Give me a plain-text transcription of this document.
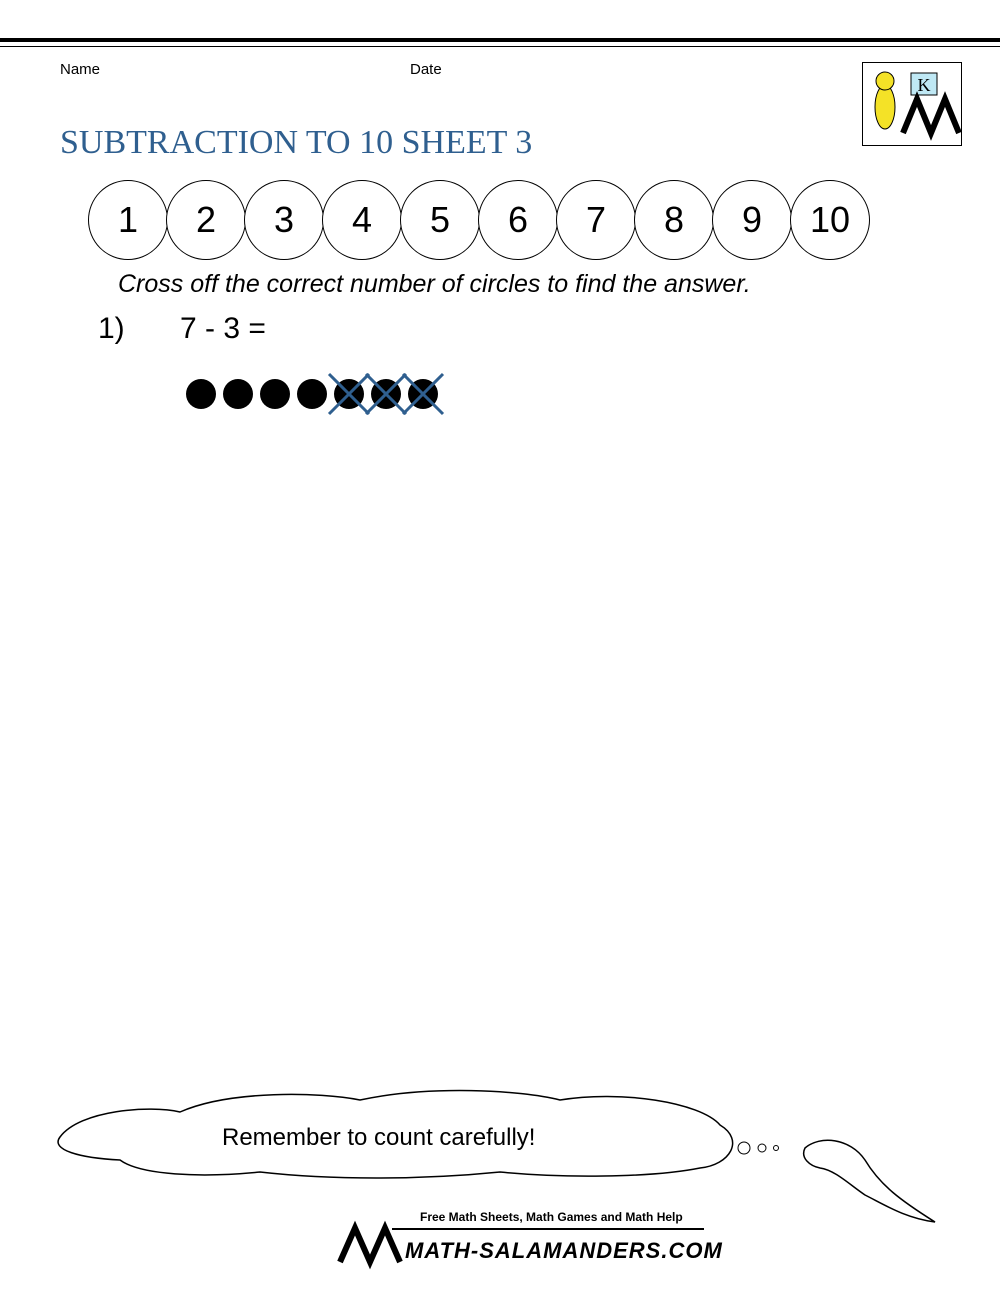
Name	Date
K
SUBTRACTION TO 10 SHEET 3
1	2	3	4	5	6	7	8	9	10
Cross off the correct number of circles to find the answer.
1) 7 - 3 =
Remember to count carefully!
Free Math Sheets, Math Games and Math Help
MATH-SALAMANDERS.COM
